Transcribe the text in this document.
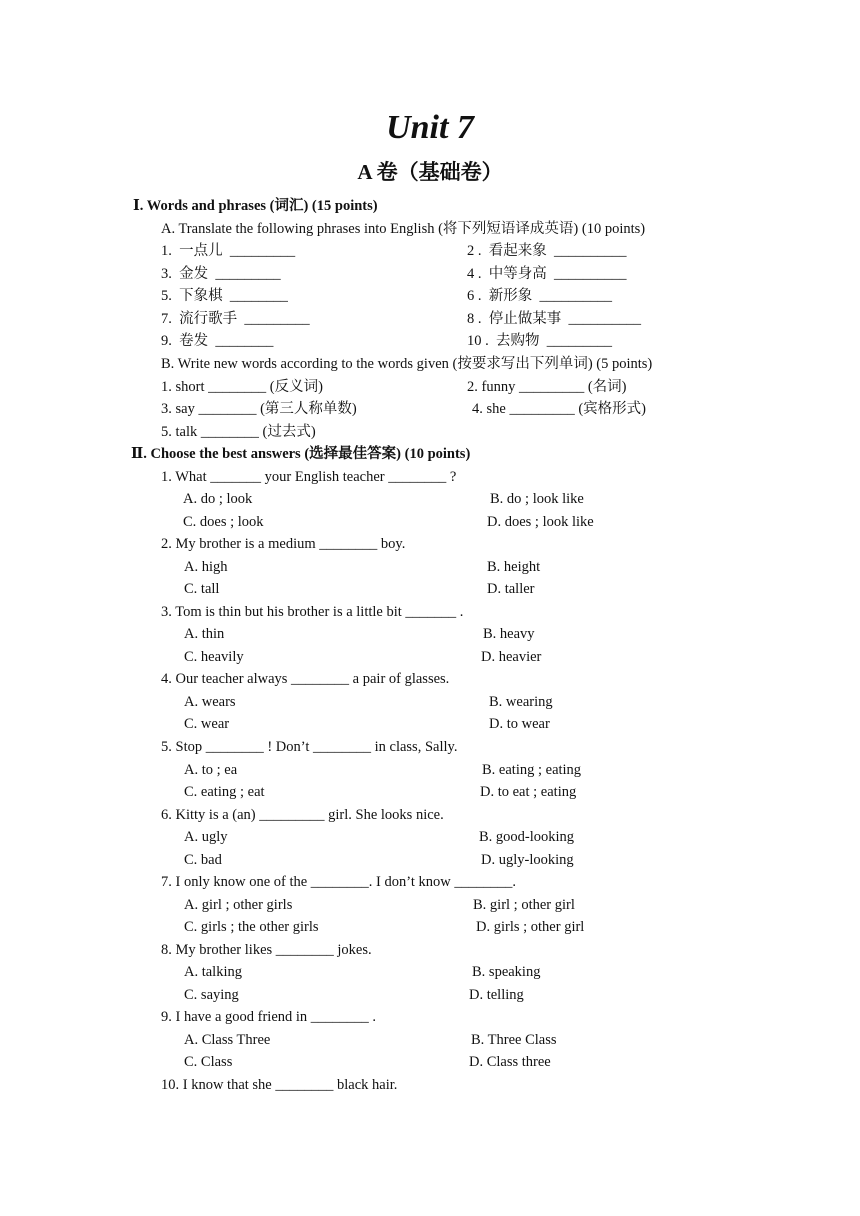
Unit 7
A 卷（基础卷）
Ⅰ. Words and phrases (词汇) (15 points)
A. Translate the following phrases into English (将下列短语译成英语) (10 points)
1.  一点儿  _________	2 .  看起来象  __________
3.  金发  _________	4 .  中等身高  __________
5.  下象棋  ________	6 .  新形象  __________
7.  流行歌手  _________	8 .  停止做某事  __________
9.  卷发  ________	10 .  去购物  _________
B. Write new words according to the words given (按要求写出下列单词) (5 points)
1. short ________ (反义词)	2. funny _________ (名词)
3. say ________ (第三人称单数)	4. she _________ (宾格形式)
5. talk ________ (过去式)
Ⅱ. Choose the best answers (选择最佳答案) (10 points)
1. What _______ your English teacher ________ ?
A. do ; look	B. do ; look like
C. does ; look	D. does ; look like
2. My brother is a medium ________ boy.
A. high	B. height
C. tall	D. taller
3. Tom is thin but his brother is a little bit _______ .
A. thin	B. heavy
C. heavily	D. heavier
4. Our teacher always ________ a pair of glasses.
A. wears	B. wearing
C. wear	D. to wear
5. Stop ________ ! Don’t ________ in class, Sally.
A. to ; ea	B. eating ; eating
C. eating ; eat	D. to eat ; eating
6. Kitty is a (an) _________ girl. She looks nice.
A. ugly	B. good-looking
C. bad	D. ugly-looking
7. I only know one of the ________. I don’t know ________.
A. girl ; other girls	B. girl ; other girl
C. girls ; the other girls	D. girls ; other girl
8. My brother likes ________ jokes.
A. talking	B. speaking
C. saying	D. telling
9. I have a good friend in ________ .
A. Class Three	B. Three Class
C. Class	D. Class three
10. I know that she ________ black hair.
